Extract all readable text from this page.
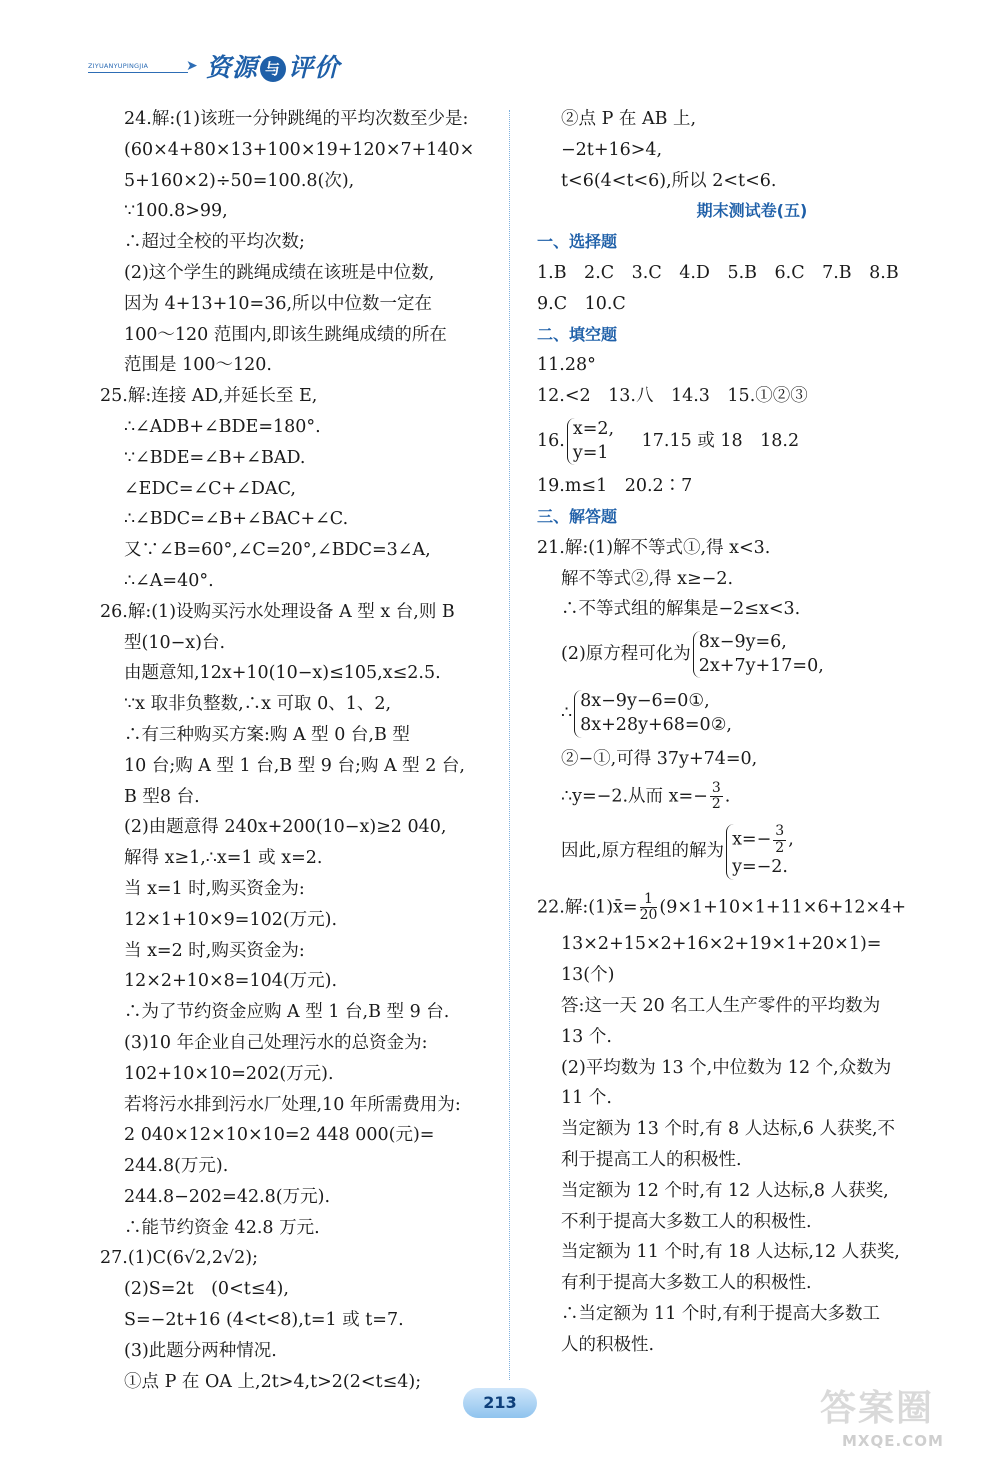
ZIYUANYUPINGJIA	➤ 资源 与 评价
24.解:(1)该班一分钟跳绳的平均次数至少是:
(60×4+80×13+100×19+120×7+140×
5+160×2)÷50=100.8(次),
∵100.8>99,
∴超过全校的平均次数;
(2)这个学生的跳绳成绩在该班是中位数,
因为 4+13+10=36,所以中位数一定在
100～120 范围内,即该生跳绳成绩的所在
范围是 100～120.
25.解:连接 AD,并延长至 E,
∴∠ADB+∠BDE=180°.
∵∠BDE=∠B+∠BAD.
∠EDC=∠C+∠DAC,
∴∠BDC=∠B+∠BAC+∠C.
又∵∠B=60°,∠C=20°,∠BDC=3∠A,
∴∠A=40°.
26.解:(1)设购买污水处理设备 A 型 x 台,则 B
型(10−x)台.
由题意知,12x+10(10−x)≤105,x≤2.5.
∵x 取非负整数,∴x 可取 0、1、2,
∴有三种购买方案:购 A 型 0 台,B 型
10 台;购 A 型 1 台,B 型 9 台;购 A 型 2 台,
B 型8 台.
(2)由题意得 240x+200(10−x)≥2 040,
解得 x≥1,∴x=1 或 x=2.
当 x=1 时,购买资金为:
12×1+10×9=102(万元).
当 x=2 时,购买资金为:
12×2+10×8=104(万元).
∴为了节约资金应购 A 型 1 台,B 型 9 台.
(3)10 年企业自己处理污水的总资金为:
102+10×10=202(万元).
若将污水排到污水厂处理,10 年所需费用为:
2 040×12×10×10=2 448 000(元)=
244.8(万元).
244.8−202=42.8(万元).
∴能节约资金 42.8 万元.
27.(1)C(6√2,2√2);
(2)S=2t　(0<t≤4),
S=−2t+16 (4<t<8),t=1 或 t=7.
(3)此题分两种情况.
①点 P 在 OA 上,2t>4,t>2(2<t≤4);
②点 P 在 AB 上,
−2t+16>4,
t<6(4<t<6),所以 2<t<6.
期末测试卷(五)
一、选择题
1.B　2.C　3.C　4.D　5.B　6.C　7.B　8.B
9.C　10.C
二、填空题
11.28°
12.<2　13.八　14.3　15.①②③
16.
x=2,
y=1
17.15 或 18　18.2
19.m≤1　20.2∶7
三、解答题
21.解:(1)解不等式①,得 x<3.
解不等式②,得 x≥−2.
∴不等式组的解集是−2≤x<3.
(2)原方程可化为
8x−9y=6,
2x+7y+17=0,
∴
8x−9y−6=0①,
8x+28y+68=0②,
②−①,可得 37y+74=0,
∴y=−2.从而 $x=- \frac{3}{2}$ .
因此,原方程组的解为
$x=- \frac{3}{2}$ ,
y=−2.
22.解:(1)x̄= $\frac{1}{20} (9\times 1+10\times 1+11\times 6+12\times 4+$
13×2+15×2+16×2+19×1+20×1)=
13(个)
答:这一天 20 名工人生产零件的平均数为
13 个.
(2)平均数为 13 个,中位数为 12 个,众数为
11 个.
当定额为 13 个时,有 8 人达标,6 人获奖,不
利于提高工人的积极性.
当定额为 12 个时,有 12 人达标,8 人获奖,
不利于提高大多数工人的积极性.
当定额为 11 个时,有 18 人达标,12 人获奖,
有利于提高大多数工人的积极性.
∴当定额为 11 个时,有利于提高大多数工
人的积极性.
213	答案圈
MXQE.COM
